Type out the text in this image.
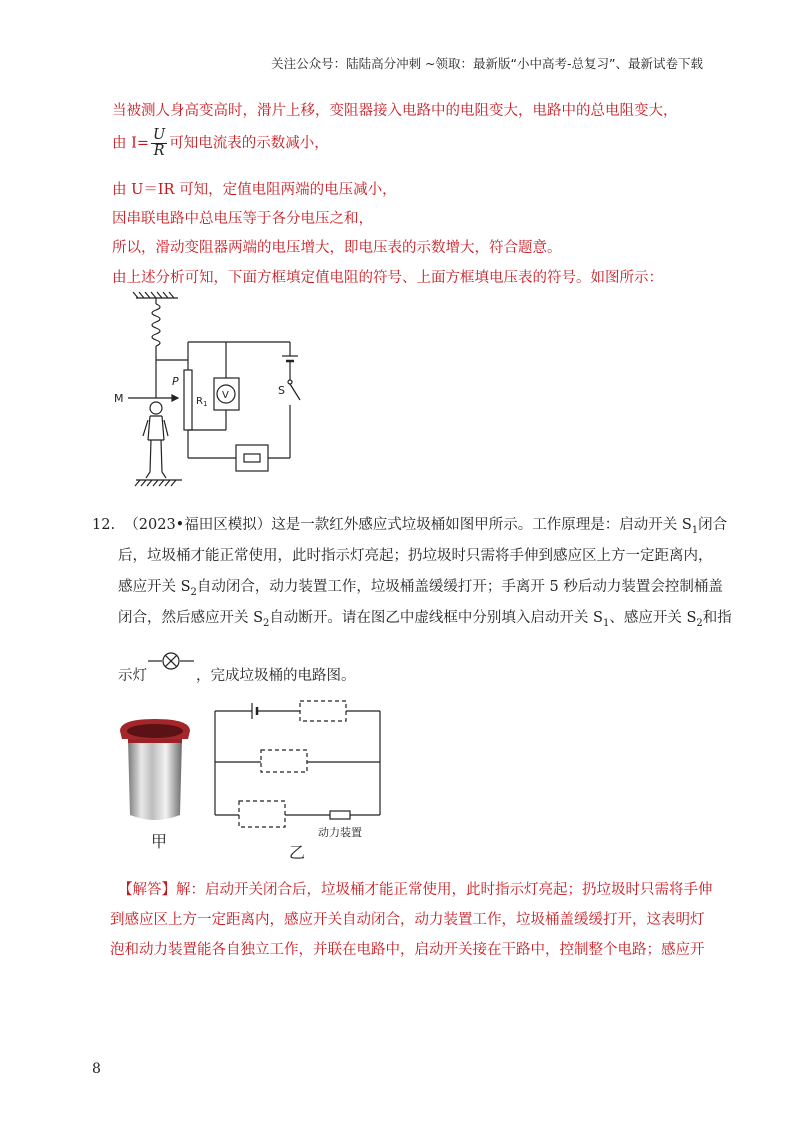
关注公众号：陆陆高分冲刺 ~领取：最新版“小中高考-总复习”、最新试卷下载
当被测人身高变高时，滑片上移，变阻器接入电路中的电阻变大，电路中的总电阻变大，
由 $I= \frac{U}{R}$ 可知电流表的示数减小，
由 U＝IR 可知，定值电阻两端的电压减小，
因串联电路中总电压等于各分电压之和，
所以，滑动变阻器两端的电压增大，即电压表的示数增大，符合题意。
由上述分析可知，下面方框填定值电阻的符号、上面方框填电压表的符号。如图所示：
M
P
$R_1$
V	S
12. （2023•福田区模拟）这是一款红外感应式垃圾桶如图甲所示。工作原理是：启动开关 $S_1$闭合
后，垃圾桶才能正常使用，此时指示灯亮起；扔垃圾时只需将手伸到感应区上方一定距离内，
感应开关 $S_2$自动闭合，动力装置工作，垃圾桶盖缓缓打开；手离开 5 秒后动力装置会控制桶盖
闭合，然后感应开关 $S_2$自动断开。请在图乙中虚线框中分别填入启动开关 $S_1$、感应开关 $S_2$和指
示灯	，完成垃圾桶的电路图。
甲	动力装置
乙
【解答】解：启动开关闭合后，垃圾桶才能正常使用，此时指示灯亮起；扔垃圾时只需将手伸
到感应区上方一定距离内，感应开关自动闭合，动力装置工作，垃圾桶盖缓缓打开，这表明灯
泡和动力装置能各自独立工作，并联在电路中，启动开关接在干路中，控制整个电路；感应开
8
